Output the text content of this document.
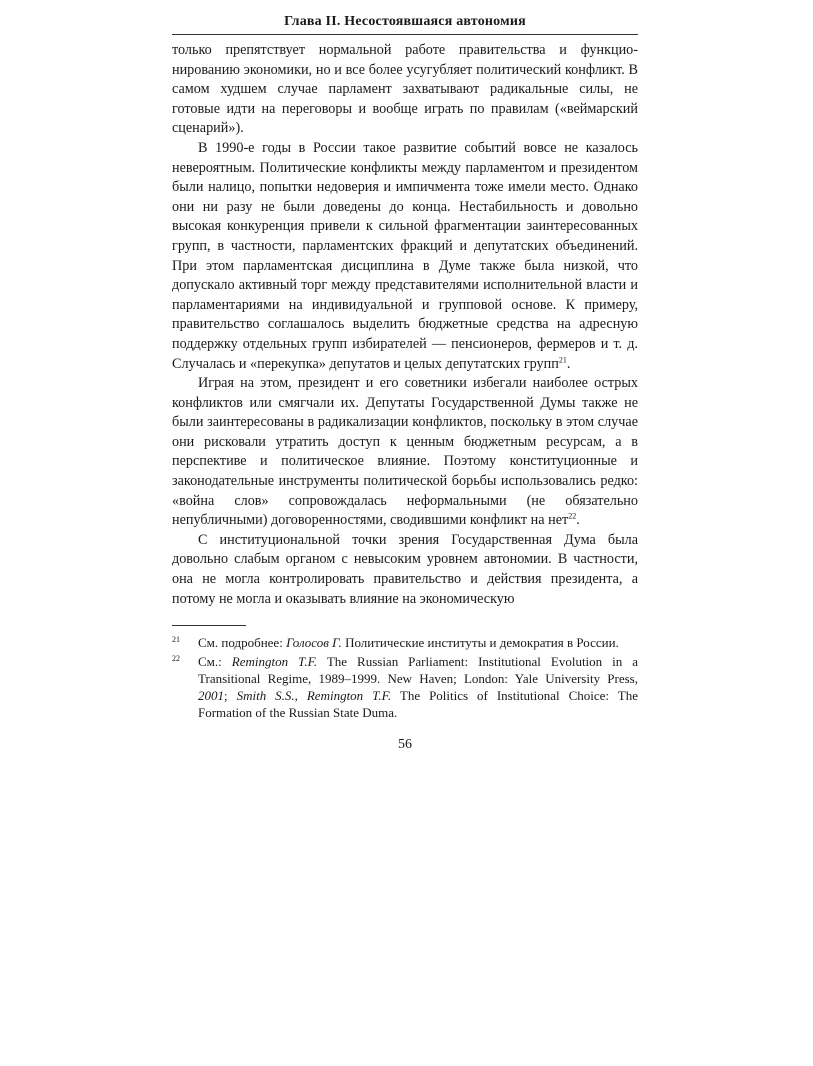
Глава II. Несостоявшаяся автономия

только препятствует нормальной работе правительства и функционированию экономики, но и все более усугубляет политический конфликт. В самом худшем случае парламент захватывают радикальные силы, не готовые идти на переговоры и вообще играть по правилам («веймарский сценарий»).

В 1990-е годы в России такое развитие событий вовсе не казалось невероятным. Политические конфликты между парламентом и президентом были налицо, попытки недоверия и импичмента тоже имели место. Однако они ни разу не были доведены до конца. Нестабильность и довольно высокая конкуренция привели к сильной фрагментации заинтересованных групп, в частности, парламентских фракций и депутатских объединений. При этом парламентская дисциплина в Думе также была низкой, что допускало активный торг между представителями исполнительной власти и парламентариями на индивидуальной и групповой основе. К примеру, правительство соглашалось выделить бюджетные средства на адресную поддержку отдельных групп избирателей — пенсионеров, фермеров и т. д. Случалась и «перекупка» депутатов и целых депутатских групп$^{21}$.

Играя на этом, президент и его советники избегали наиболее острых конфликтов или смягчали их. Депутаты Государственной Думы также не были заинтересованы в радикализации конфликтов, поскольку в этом случае они рисковали утратить доступ к ценным бюджетным ресурсам, а в перспективе и политическое влияние. Поэтому конституционные и законодательные инструменты политической борьбы использовались редко: «война слов» сопровождалась неформальными (не обязательно непубличными) договоренностями, сводившими конфликт на нет$^{22}$.

С институциональной точки зрения Государственная Дума была довольно слабым органом с невысоким уровнем автономии. В частности, она не могла контролировать правительство и действия президента, а потому не могла и оказывать влияние на экономическую

21	См. подробнее: Голосов Г. Политические институты и демократия в России.
22	См.: Remington T.F. The Russian Parliament: Institutional Evolution in a Transitional Regime, 1989–1999. New Haven; London: Yale University Press, 2001; Smith S.S., Remington T.F. The Politics of Institutional Choice: The Formation of the Russian State Duma.
56
